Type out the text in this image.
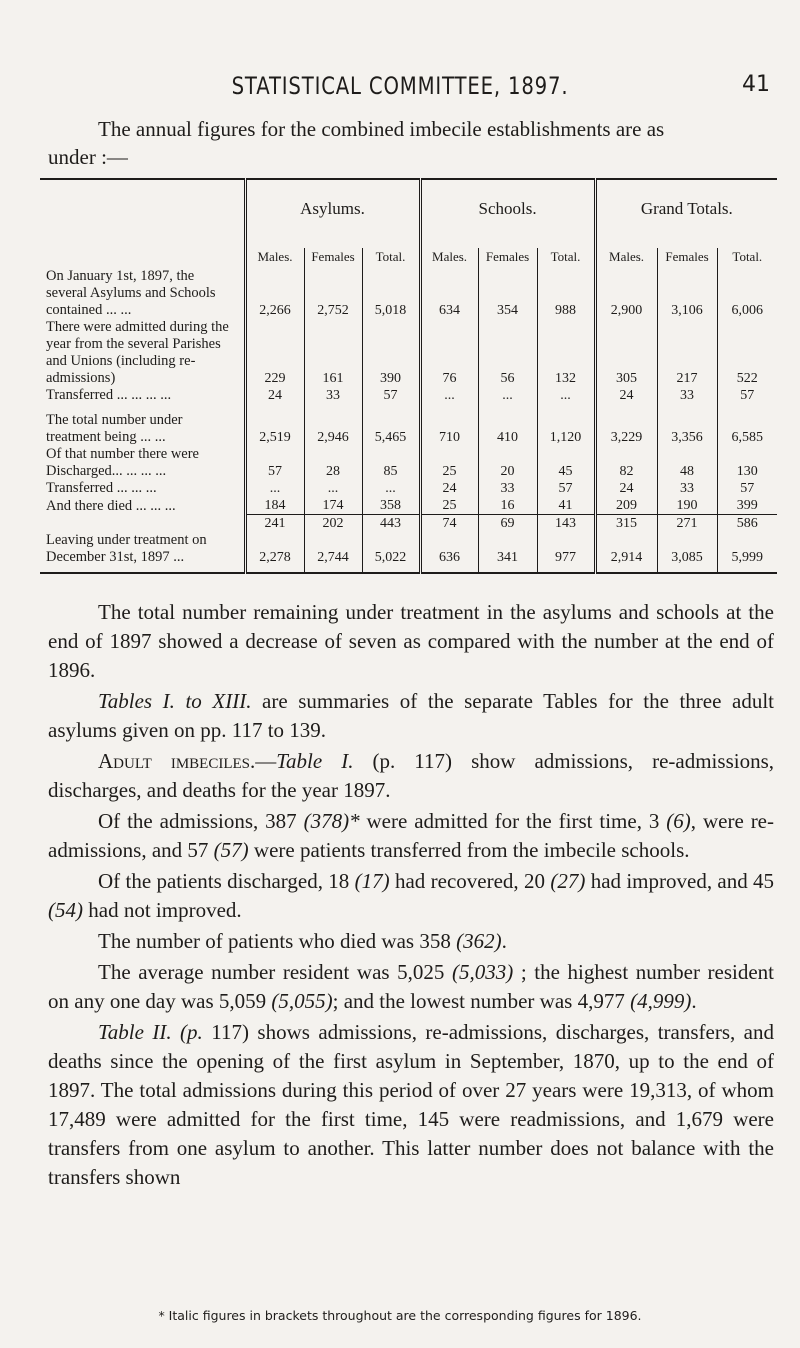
STATISTICAL COMMITTEE, 1897.	41
The annual figures for the combined imbecile establishments are as
under :—
	Asylums.			Schools.			Grand Totals.		
	Males.	Females	Total.	Males.	Females	Total.	Males.	Females	Total.
On January 1st, 1897, the several Asylums and Schools contained ... ...	2,266	2,752	5,018	634	354	988	2,900	3,106	6,006
There were admitted during the year from the several Parishes and Unions (including re-admissions)	229	161	390	76	56	132	305	217	522
Transferred ... ... ... ...	24	33	57	...	...	...	24	33	57

The total number under treatment being ... ...	2,519	2,946	5,465	710	410	1,120	3,229	3,356	6,585
Of that number there were Discharged... ... ... ...	57	28	85	25	20	45	82	48	130
Transferred ... ... ...	...	...	...	24	33	57	24	33	57
And there died ... ... ...	184	174	358	25	16	41	209	190	399
	241	202	443	74	69	143	315	271	586
Leaving under treatment on December 31st, 1897 ...	2,278	2,744	5,022	636	341	977	2,914	3,085	5,999

The total number remaining under treatment in the asylums and schools at the end of 1897 showed a decrease of seven as compared with the number at the end of 1896.

Tables I. to XIII. are summaries of the separate Tables for the three adult asylums given on pp. 117 to 139.

Adult imbeciles.—Table I. (p. 117) show admissions, re-admissions, discharges, and deaths for the year 1897.

Of the admissions, 387 (378)* were admitted for the first time, 3 (6), were re-admissions, and 57 (57) were patients transferred from the imbecile schools.

Of the patients discharged, 18 (17) had recovered, 20 (27) had improved, and 45 (54) had not improved.

The number of patients who died was 358 (362).

The average number resident was 5,025 (5,033) ; the highest number resident on any one day was 5,059 (5,055); and the lowest number was 4,977 (4,999).

Table II. (p. 117) shows admissions, re-admissions, discharges, transfers, and deaths since the opening of the first asylum in September, 1870, up to the end of 1897. The total admissions during this period of over 27 years were 19,313, of whom 17,489 were admitted for the first time, 145 were readmissions, and 1,679 were transfers from one asylum to another. This latter number does not balance with the transfers shown

* Italic figures in brackets throughout are the corresponding figures for 1896.
